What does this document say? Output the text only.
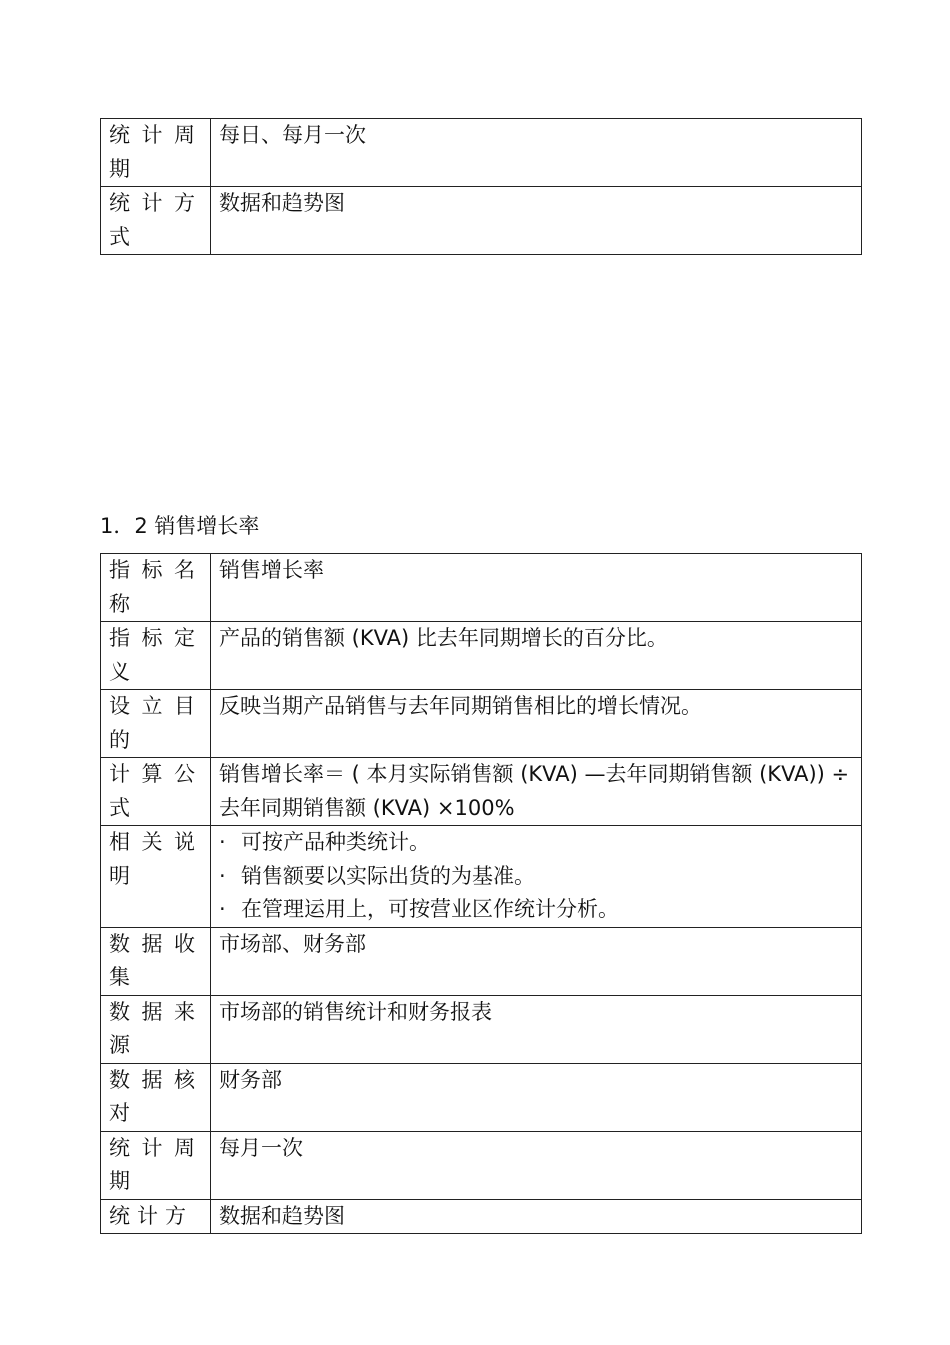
统计周期	每日、每月一次

统计方式	数据和趋势图
1．2 销售增长率
指标名称	销售增长率

指标定义	产品的销售额 (KVA) 比去年同期增长的百分比。

设立目的	反映当期产品销售与去年同期销售相比的增长情况。

计算公式	销售增长率＝ ( 本月实际销售额 (KVA) —去年同期销售额 (KVA)) ÷去年同期销售额 (KVA) ×100%

相关说明	· 可按产品种类统计。
· 销售额要以实际出货的为基准。
· 在管理运用上，可按营业区作统计分析。

数据收集	市场部、财务部

数据来源	市场部的销售统计和财务报表

数据核对	财务部

统计周期	每月一次

统计方	数据和趋势图
